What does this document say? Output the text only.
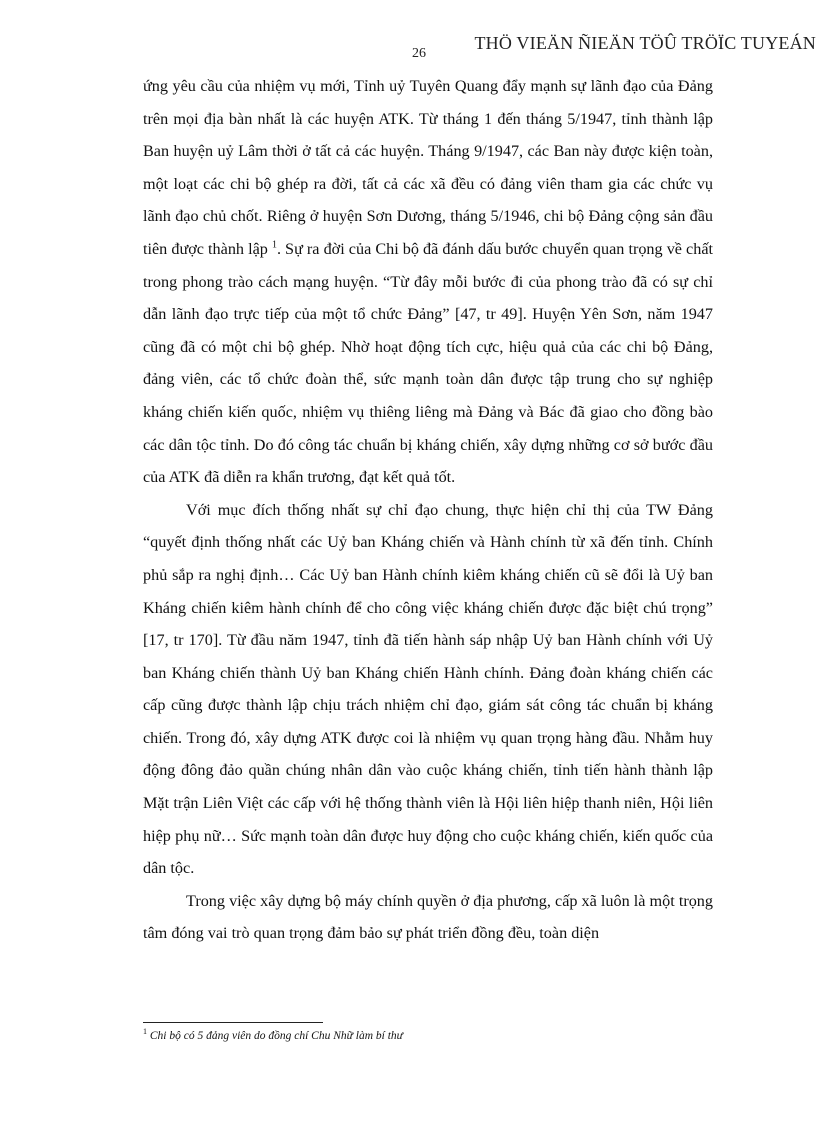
THÖ VIEÄN ÑIEÄN TÖÛ TRÖÏC TUYEÁN
26

ứng yêu cầu của nhiệm vụ mới, Tỉnh uỷ Tuyên Quang đẩy mạnh sự lãnh đạo của Đảng trên mọi địa bàn nhất là các huyện ATK. Từ tháng 1 đến tháng 5/1947, tỉnh thành lập Ban huyện uỷ Lâm thời ở tất cả các huyện. Tháng 9/1947, các Ban này được kiện toàn, một loạt các chi bộ ghép ra đời, tất cả các xã đều có đảng viên tham gia các chức vụ lãnh đạo chủ chốt. Riêng ở huyện Sơn Dương, tháng 5/1946, chi bộ Đảng cộng sản đầu tiên được thành lập $^1$. Sự ra đời của Chi bộ đã đánh dấu bước chuyển quan trọng về chất trong phong trào cách mạng huyện. “Từ đây mỗi bước đi của phong trào đã có sự chỉ dẫn lãnh đạo trực tiếp của một tổ chức Đảng” [47, tr 49]. Huyện Yên Sơn, năm 1947 cũng đã có một chi bộ ghép. Nhờ hoạt động tích cực, hiệu quả của các chi bộ Đảng, đảng viên, các tổ chức đoàn thể, sức mạnh toàn dân được tập trung cho sự nghiệp kháng chiến kiến quốc, nhiệm vụ thiêng liêng mà Đảng và Bác đã giao cho đồng bào các dân tộc tỉnh. Do đó công tác chuẩn bị kháng chiến, xây dựng những cơ sở bước đầu của ATK đã diễn ra khẩn trương, đạt kết quả tốt.

Với mục đích thống nhất sự chỉ đạo chung, thực hiện chỉ thị của TW Đảng “quyết định thống nhất các Uỷ ban Kháng chiến và Hành chính từ xã đến tỉnh. Chính phủ sắp ra nghị định… Các Uỷ ban Hành chính kiêm kháng chiến cũ sẽ đổi là Uỷ ban Kháng chiến kiêm hành chính để cho công việc kháng chiến được đặc biệt chú trọng” [17, tr 170]. Từ đầu năm 1947, tỉnh đã tiến hành sáp nhập Uỷ ban Hành chính với Uỷ ban Kháng chiến thành Uỷ ban Kháng chiến Hành chính. Đảng đoàn kháng chiến các cấp cũng được thành lập chịu trách nhiệm chỉ đạo, giám sát công tác chuẩn bị kháng chiến. Trong đó, xây dựng ATK được coi là nhiệm vụ quan trọng hàng đầu. Nhằm huy động đông đảo quần chúng nhân dân vào cuộc kháng chiến, tỉnh tiến hành thành lập Mặt trận Liên Việt các cấp với hệ thống thành viên là Hội liên hiệp thanh niên, Hội liên hiệp phụ nữ… Sức mạnh toàn dân được huy động cho cuộc kháng chiến, kiến quốc của dân tộc.

Trong việc xây dựng bộ máy chính quyền ở địa phương, cấp xã luôn là một trọng tâm đóng vai trò quan trọng đảm bảo sự phát triển đồng đều, toàn diện

$^1$ Chi bộ có 5 đảng viên do đồng chí Chu Nhữ làm bí thư
